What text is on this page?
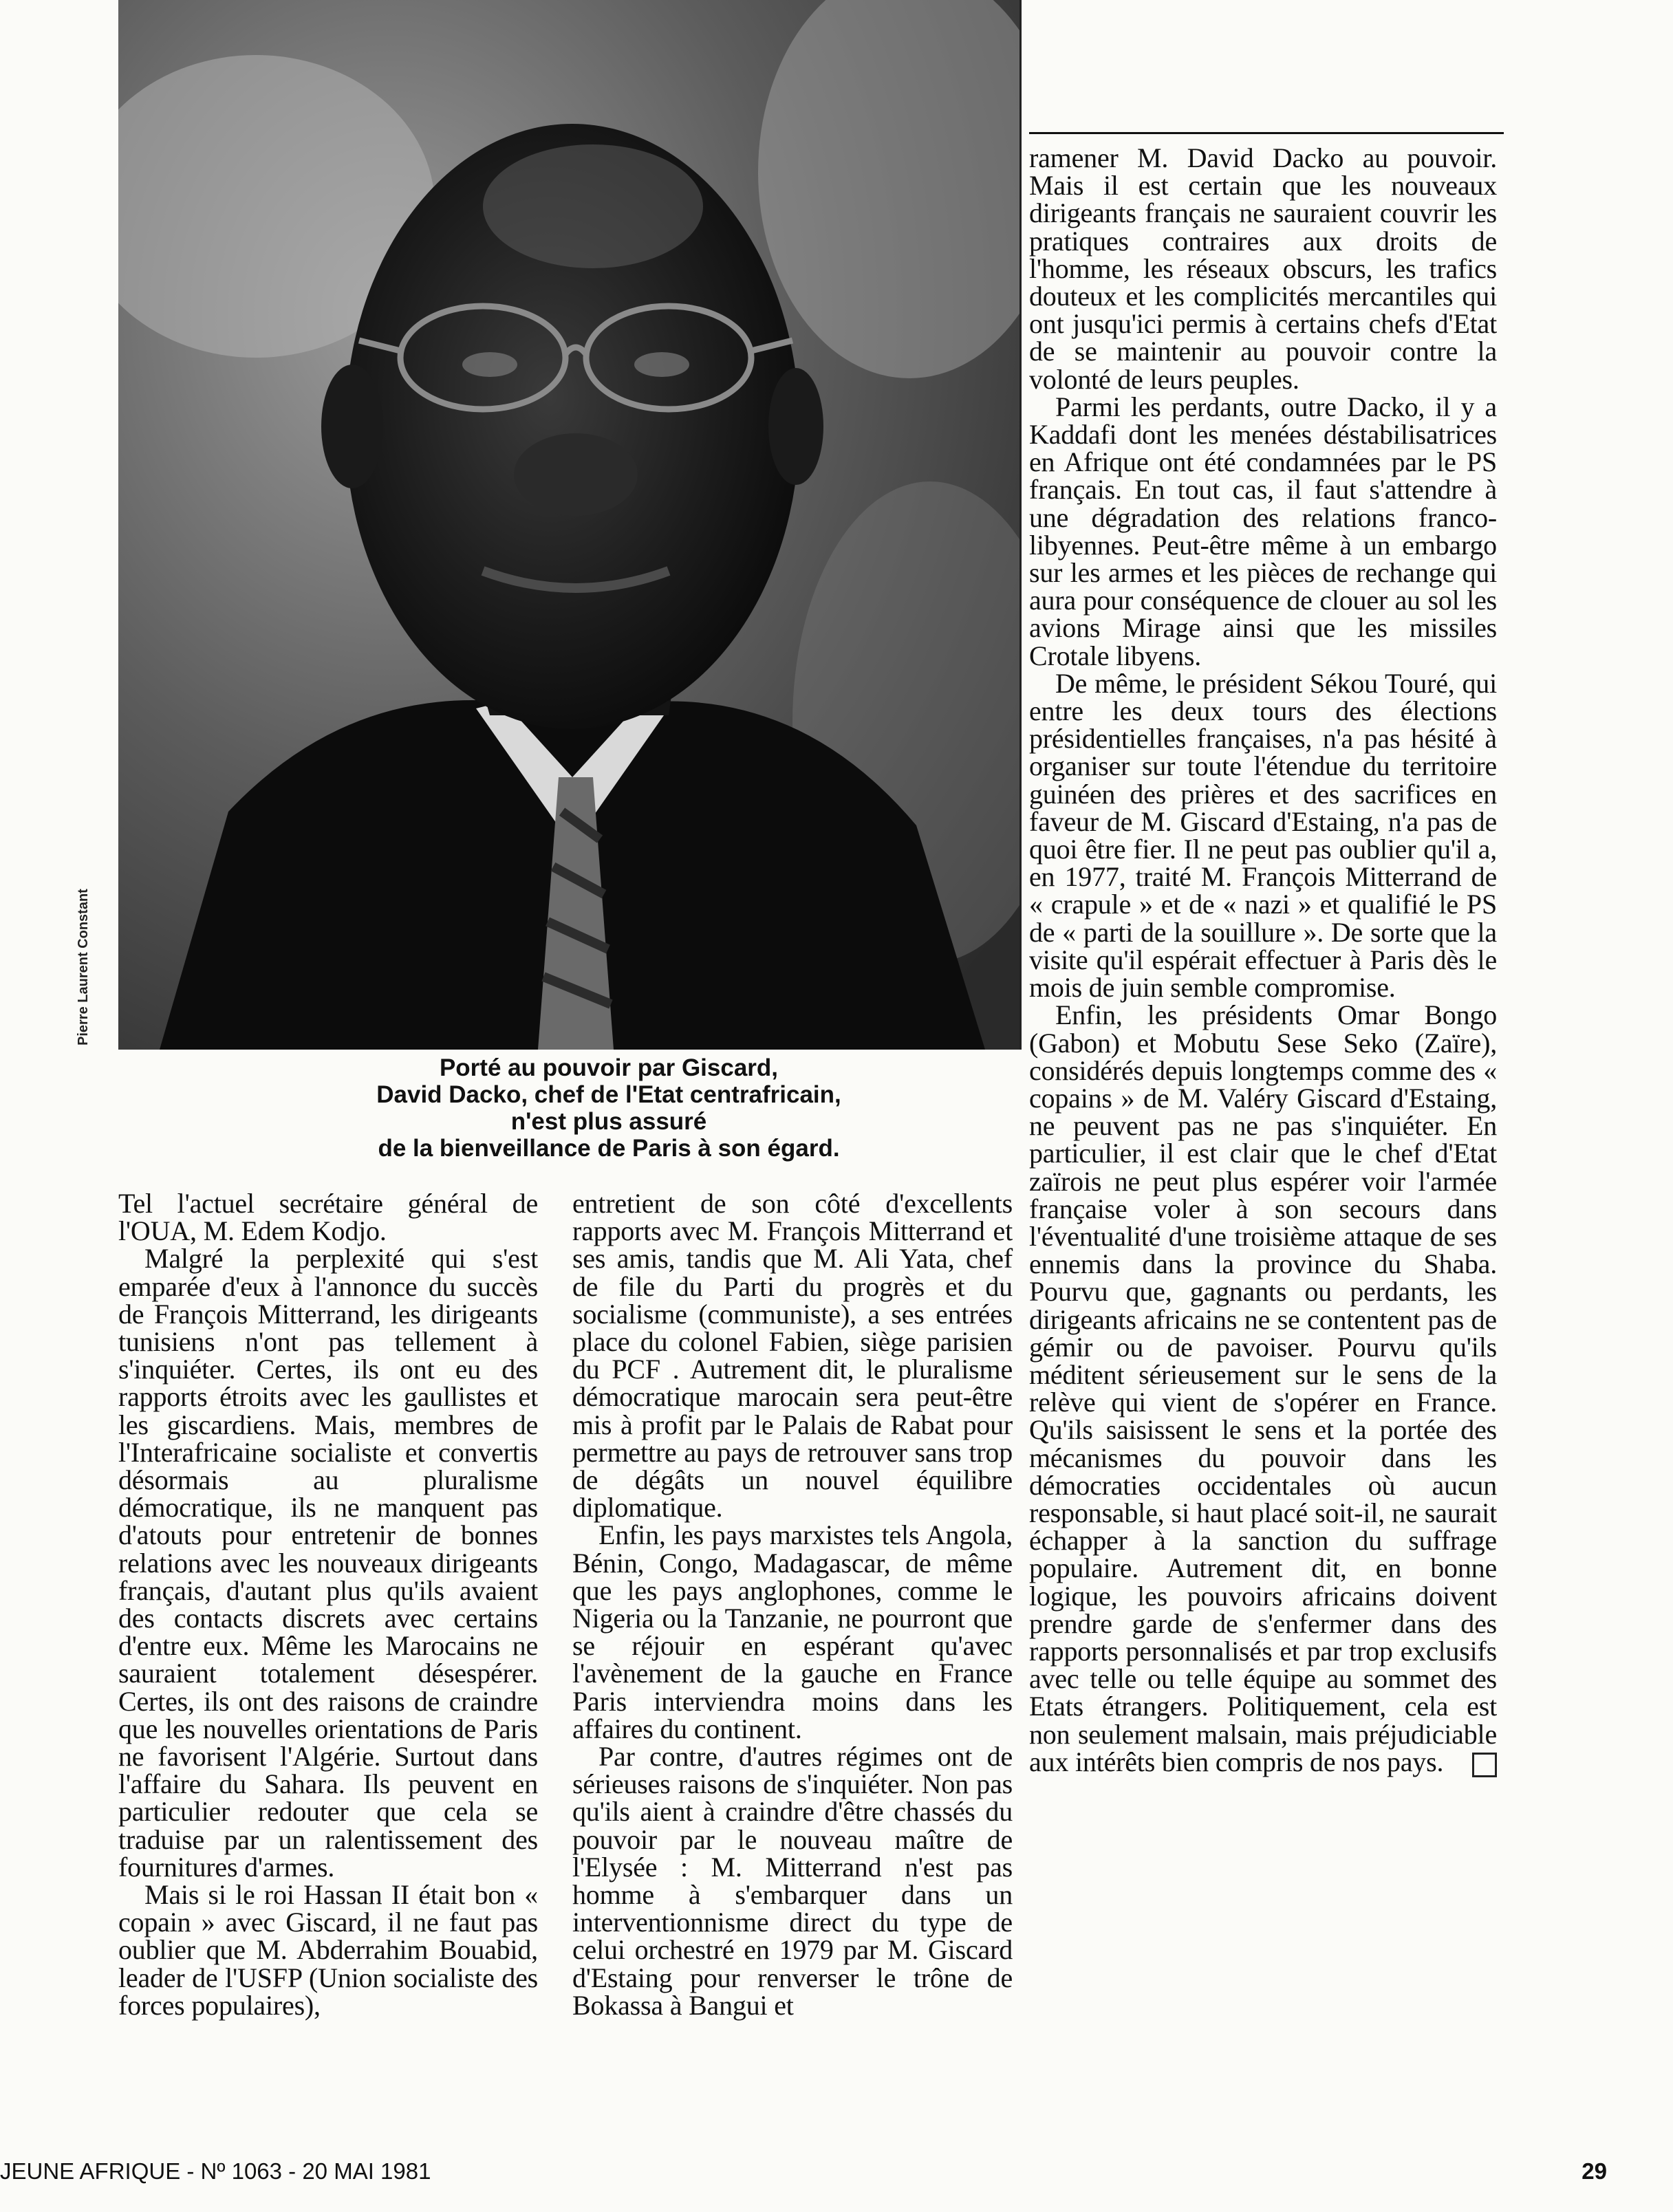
Pierre Laurent Constant
Porté au pouvoir par Giscard,
David Dacko, chef de l'Etat centrafricain,
n'est plus assuré
de la bienveillance de Paris à son égard.

Tel l'actuel secrétaire général de l'OUA, M. Edem Kodjo.

Malgré la perplexité qui s'est emparée d'eux à l'annonce du succès de François Mitterrand, les dirigeants tunisiens n'ont pas tellement à s'inquiéter. Certes, ils ont eu des rapports étroits avec les gaullistes et les giscardiens. Mais, membres de l'Interafricaine socialiste et convertis désormais au pluralisme démocratique, ils ne manquent pas d'atouts pour entretenir de bonnes relations avec les nouveaux dirigeants français, d'autant plus qu'ils avaient des contacts discrets avec certains d'entre eux. Même les Marocains ne sauraient totalement désespérer. Certes, ils ont des raisons de craindre que les nouvelles orientations de Paris ne favorisent l'Algérie. Surtout dans l'affaire du Sahara. Ils peuvent en particulier redouter que cela se traduise par un ralentissement des fournitures d'armes.

Mais si le roi Hassan II était bon « copain » avec Giscard, il ne faut pas oublier que M. Abderrahim Bouabid, leader de l'USFP (Union socialiste des forces populaires),

entretient de son côté d'excellents rapports avec M. François Mitterrand et ses amis, tandis que M. Ali Yata, chef de file du Parti du progrès et du socialisme (communiste), a ses entrées place du colonel Fabien, siège parisien du PCF . Autrement dit, le pluralisme démocratique marocain sera peut-être mis à profit par le Palais de Rabat pour permettre au pays de retrouver sans trop de dégâts un nouvel équilibre diplomatique.

Enfin, les pays marxistes tels Angola, Bénin, Congo, Madagascar, de même que les pays anglophones, comme le Nigeria ou la Tanzanie, ne pourront que se réjouir en espérant qu'avec l'avènement de la gauche en France Paris interviendra moins dans les affaires du continent.

Par contre, d'autres régimes ont de sérieuses raisons de s'inquiéter. Non pas qu'ils aient à craindre d'être chassés du pouvoir par le nouveau maître de l'Elysée : M. Mitterrand n'est pas homme à s'embarquer dans un interventionnisme direct du type de celui orchestré en 1979 par M. Giscard d'Estaing pour renverser le trône de Bokassa à Bangui et

ramener M. David Dacko au pouvoir. Mais il est certain que les nouveaux dirigeants français ne sauraient couvrir les pratiques contraires aux droits de l'homme, les réseaux obscurs, les trafics douteux et les complicités mercantiles qui ont jusqu'ici permis à certains chefs d'Etat de se maintenir au pouvoir contre la volonté de leurs peuples.

Parmi les perdants, outre Dacko, il y a Kaddafi dont les menées déstabilisatrices en Afrique ont été condamnées par le PS français. En tout cas, il faut s'attendre à une dégradation des relations franco-libyennes. Peut-être même à un embargo sur les armes et les pièces de rechange qui aura pour conséquence de clouer au sol les avions Mirage ainsi que les missiles Crotale libyens.

De même, le président Sékou Touré, qui entre les deux tours des élections présidentielles françaises, n'a pas hésité à organiser sur toute l'étendue du territoire guinéen des prières et des sacrifices en faveur de M. Giscard d'Estaing, n'a pas de quoi être fier. Il ne peut pas oublier qu'il a, en 1977, traité M. François Mitterrand de « crapule » et de « nazi » et qualifié le PS de « parti de la souillure ». De sorte que la visite qu'il espérait effectuer à Paris dès le mois de juin semble compromise.

Enfin, les présidents Omar Bongo (Gabon) et Mobutu Sese Seko (Zaïre), considérés depuis longtemps comme des « copains » de M. Valéry Giscard d'Estaing, ne peuvent pas ne pas s'inquiéter. En particulier, il est clair que le chef d'Etat zaïrois ne peut plus espérer voir l'armée française voler à son secours dans l'éventualité d'une troisième attaque de ses ennemis dans la province du Shaba. Pourvu que, gagnants ou perdants, les dirigeants africains ne se contentent pas de gémir ou de pavoiser. Pourvu qu'ils méditent sérieusement sur le sens de la relève qui vient de s'opérer en France. Qu'ils saisissent le sens et la portée des mécanismes du pouvoir dans les démocraties occidentales où aucun responsable, si haut placé soit-il, ne saurait échapper à la sanction du suffrage populaire. Autrement dit, en bonne logique, les pouvoirs africains doivent prendre garde de s'enfermer dans des rapports personnalisés et par trop exclusifs avec telle ou telle équipe au sommet des Etats étrangers. Politiquement, cela est non seulement malsain, mais préjudiciable aux intérêts bien compris de nos pays.

JEUNE AFRIQUE - Nº 1063 - 20 MAI 1981	29
